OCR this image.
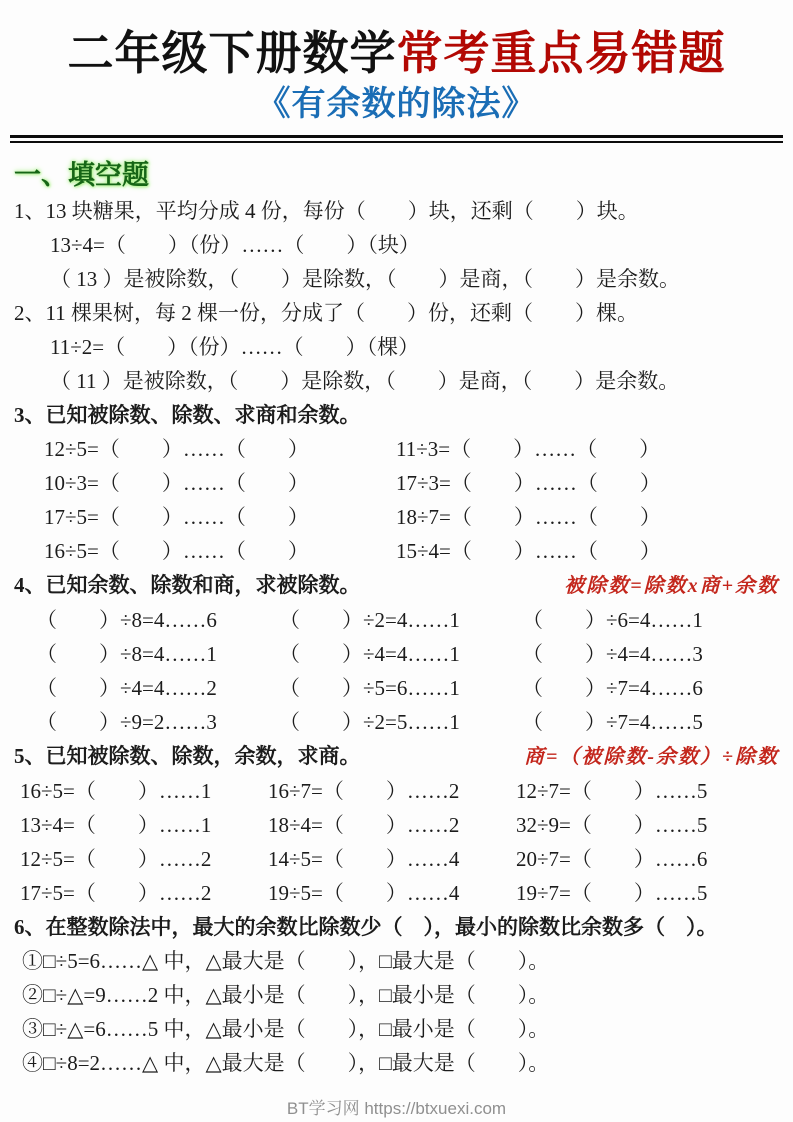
二年级下册数学常考重点易错题
《有余数的除法》
一、填空题
1、13 块糖果，平均分成 4 份，每份（　　）块，还剩（　　）块。
13÷4=（　　）（份）……（　　）（块）
（ 13 ）是被除数，（　　）是除数，（　　）是商，（　　）是余数。
2、11 棵果树，每 2 棵一份，分成了（　　）份，还剩（　　）棵。
11÷2=（　　）（份）……（　　）（棵）
（ 11 ）是被除数，（　　）是除数，（　　）是商，（　　）是余数。
3、已知被除数、除数、求商和余数。
12÷5=（　　）……（　　）	11÷3=（　　）……（　　）
10÷3=（　　）……（　　）	17÷3=（　　）……（　　）
17÷5=（　　）……（　　）	18÷7=（　　）……（　　）
16÷5=（　　）……（　　）	15÷4=（　　）……（　　）
4、已知余数、除数和商，求被除数。	被除数=除数x商+余数
（　　）÷8=4……6	（　　）÷2=4……1	（　　）÷6=4……1
（　　）÷8=4……1	（　　）÷4=4……1	（　　）÷4=4……3
（　　）÷4=4……2	（　　）÷5=6……1	（　　）÷7=4……6
（　　）÷9=2……3	（　　）÷2=5……1	（　　）÷7=4……5
5、已知被除数、除数，余数，求商。	商=（被除数-余数）÷除数
16÷5=（　　）……1	16÷7=（　　）……2	12÷7=（　　）……5
13÷4=（　　）……1	18÷4=（　　）……2	32÷9=（　　）……5
12÷5=（　　）……2	14÷5=（　　）……4	20÷7=（　　）……6
17÷5=（　　）……2	19÷5=（　　）……4	19÷7=（　　）……5
6、在整数除法中，最大的余数比除数少（　），最小的除数比余数多（　）。
①□÷5=6……△ 中，△最大是（　　），□最大是（　　）。
②□÷△=9……2 中，△最小是（　　），□最小是（　　）。
③□÷△=6……5 中，△最小是（　　），□最小是（　　）。
④□÷8=2……△ 中，△最大是（　　），□最大是（　　）。
BT学习网 https://btxuexi.com
